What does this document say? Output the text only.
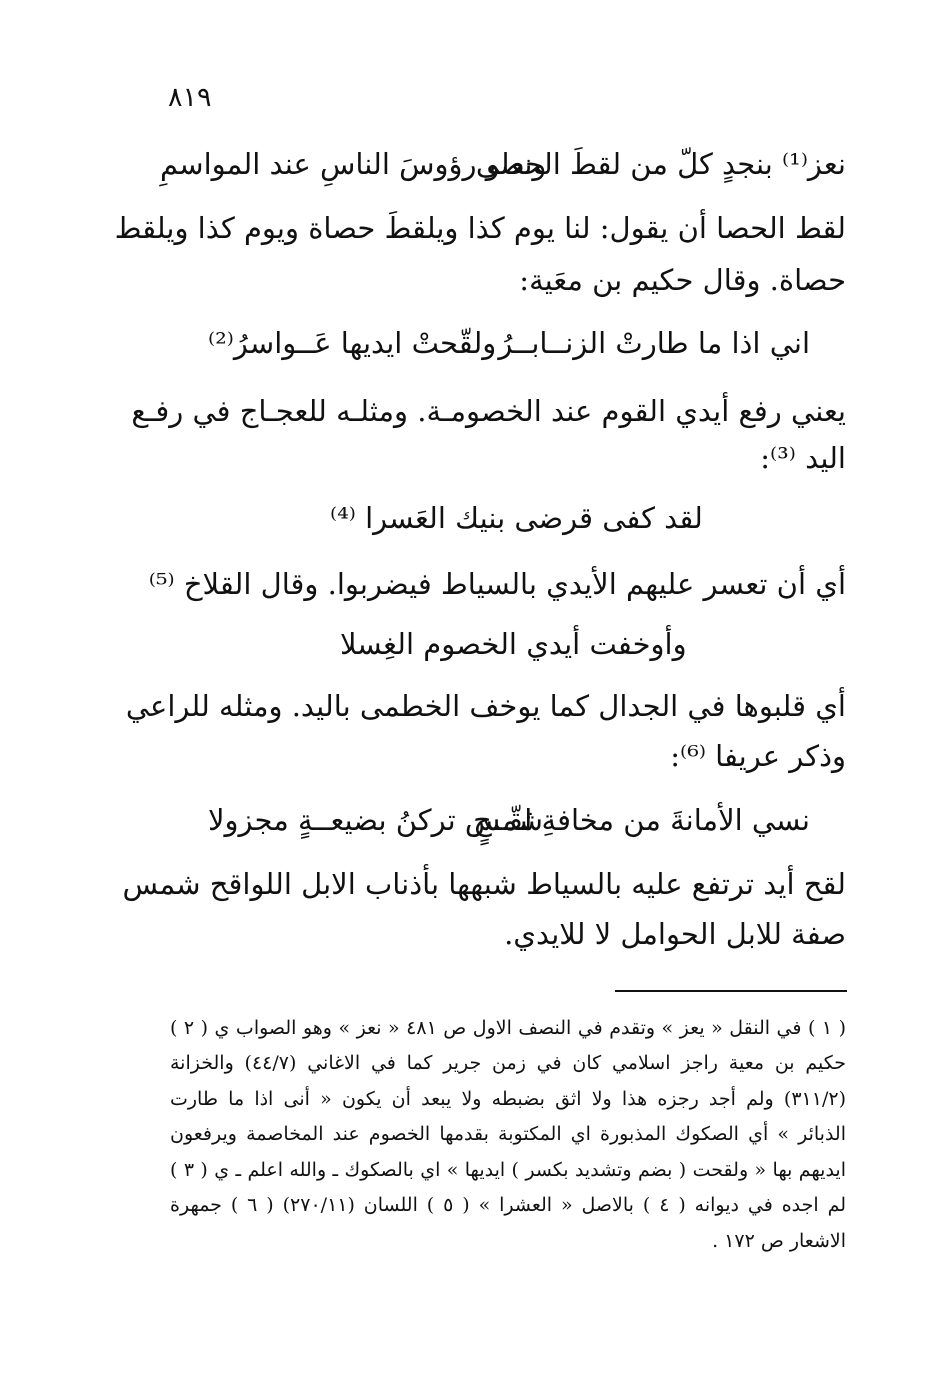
٨١٩
نعز⁽¹⁾ بنجدٍ كلّ من لقطَ الحصى
ونعلو رؤوسَ الناسِ عند المواسمِ
لقط الحصا أن يقول: لنا يوم كذا ويلقطَ حصاة ويوم كذا ويلقط
حصاة. وقال حكيم بن معَية:
اني اذا ما طارتْ الزنــابــرُ
ولقّحتْ ايديها عَــواسرُ⁽²⁾
يعني رفع أيدي القوم عند الخصومـة. ومثلـه للعجـاج في رفـع
اليد ⁽³⁾:
لقد كفى قرضى بنيك العَسرا ⁽⁴⁾
أي أن تعسر عليهم الأيدي بالسياط فيضربوا. وقال القلاخ ⁽⁵⁾
وأوخفت أيدي الخصوم الغِسلا
أي قلبوها في الجدال كما يوخف الخطمى باليد. ومثله للراعي
وذكر عريفا ⁽⁶⁾:
نسي الأمانةَ من مخافةِ لقّــحٍ
شمس تركنُ بضيعــةٍ مجزولا
لقح أيد ترتفع عليه بالسياط شبهها بأذناب الابل اللواقح شمس
صفة للابل الحوامل لا للايدي.
( ١ ) في النقل « يعز » وتقدم في النصف الاول ص ٤٨١ « نعز » وهو الصواب ي ( ٢ )
حكيم بن معية راجز اسلامي كان في زمن جرير كما في الاغاني (٤٤/٧) والخزانة
(٣١١/٢) ولم أجد رجزه هذا ولا اثق بضبطه ولا يبعد أن يكون « أنى اذا ما طارت
الذبائر » أي الصكوك المذبورة اي المكتوبة بقدمها الخصوم عند المخاصمة ويرفعون
ايديهم بها « ولقحت ( بضم وتشديد بكسر ) ايديها » اي بالصكوك ـ والله اعلم ـ ي ( ٣ )
لم اجده في ديوانه ( ٤ ) بالاصل « العشرا » ( ٥ ) اللسان (٢٧٠/١١) ( ٦ ) جمهرة
الاشعار ص ١٧٢ .
